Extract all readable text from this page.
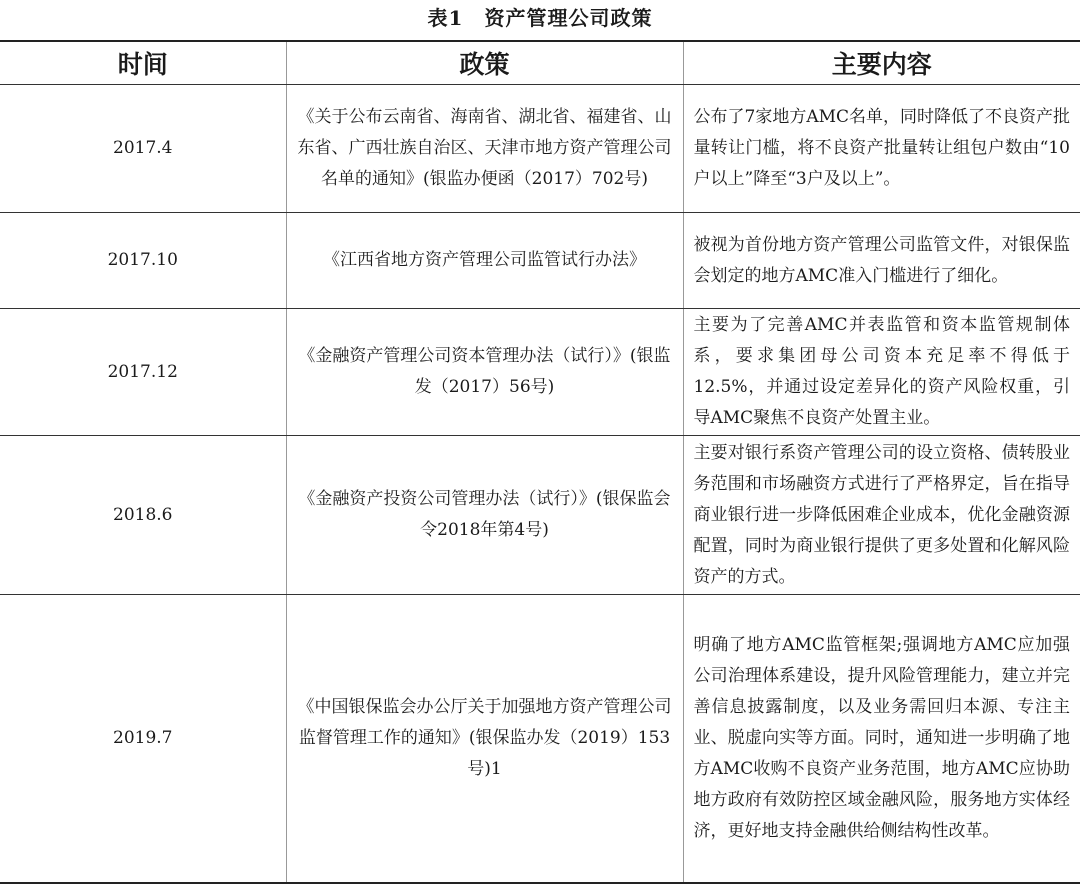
表1　资产管理公司政策
时间	政策	主要内容
2017.4	《关于公布云南省、海南省、湖北省、福建省、山东省、广西壮族自治区、天津市地方资产管理公司名单的通知》(银监办便函（2017）702号)	公布了7家地方AMC名单，同时降低了不良资产批量转让门槛，将不良资产批量转让组包户数由“10户以上”降至“3户及以上”。
2017.10	《江西省地方资产管理公司监管试行办法》	被视为首份地方资产管理公司监管文件，对银保监会划定的地方AMC准入门槛进行了细化。
2017.12	《金融资产管理公司资本管理办法（试行）》(银监发（2017）56号)	主要为了完善AMC并表监管和资本监管规制体系，要求集团母公司资本充足率不得低于12.5%，并通过设定差异化的资产风险权重，引导AMC聚焦不良资产处置主业。
2018.6	《金融资产投资公司管理办法（试行）》(银保监会令2018年第4号)	主要对银行系资产管理公司的设立资格、债转股业务范围和市场融资方式进行了严格界定，旨在指导商业银行进一步降低困难企业成本，优化金融资源配置，同时为商业银行提供了更多处置和化解风险资产的方式。
2019.7	《中国银保监会办公厅关于加强地方资产管理公司监督管理工作的通知》(银保监办发（2019）153号)1	明确了地方AMC监管框架;强调地方AMC应加强公司治理体系建设，提升风险管理能力，建立并完善信息披露制度，以及业务需回归本源、专注主业、脱虚向实等方面。同时，通知进一步明确了地方AMC收购不良资产业务范围，地方AMC应协助地方政府有效防控区域金融风险，服务地方实体经济，更好地支持金融供给侧结构性改革。
